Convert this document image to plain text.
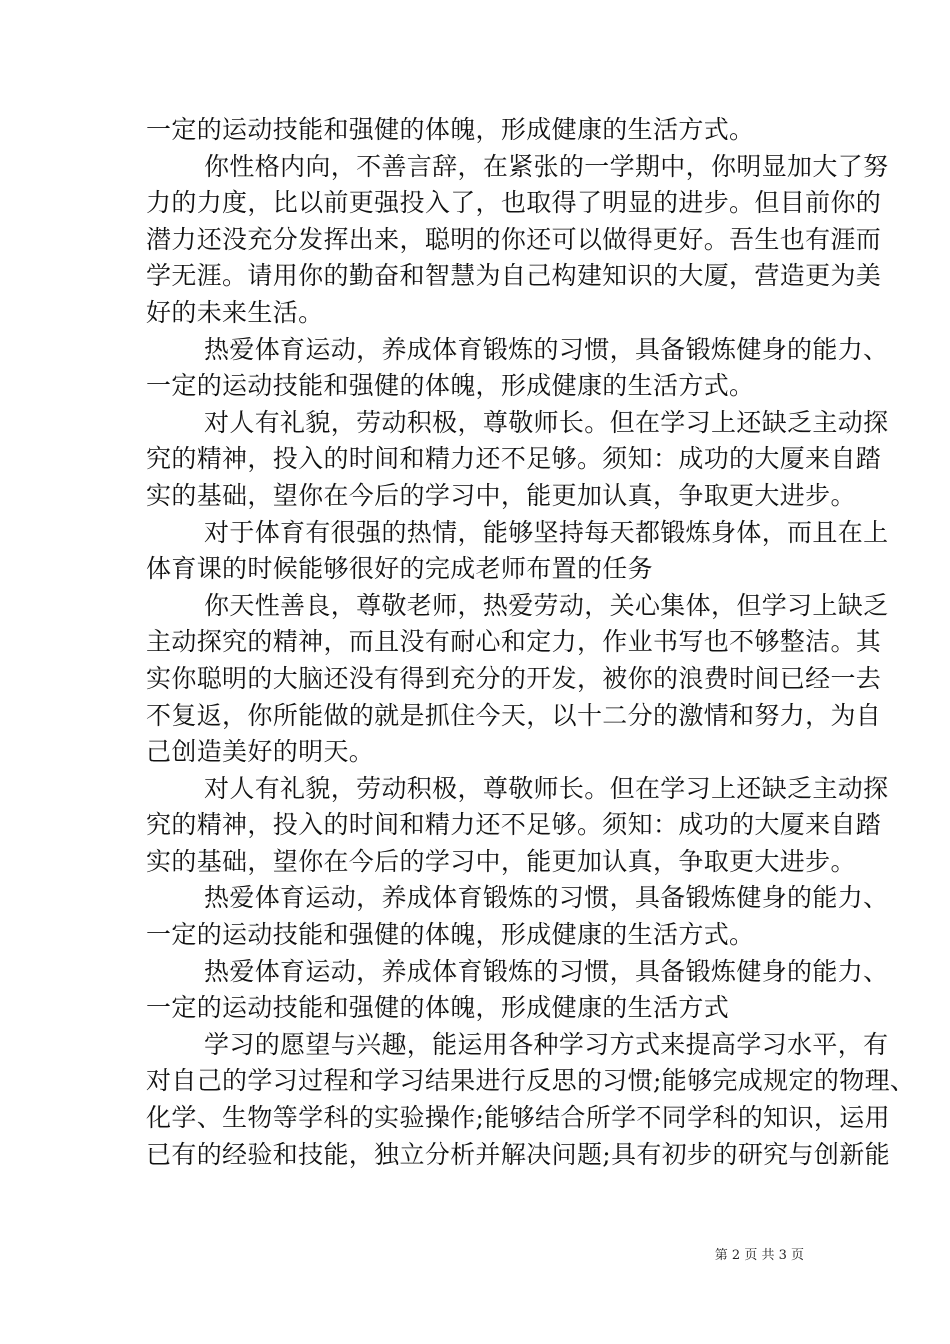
一定的运动技能和强健的体魄，形成健康的生活方式。

你性格内向，不善言辞，在紧张的一学期中，你明显加大了努
力的力度，比以前更强投入了，也取得了明显的进步。但目前你的
潜力还没充分发挥出来，聪明的你还可以做得更好。吾生也有涯而
学无涯。请用你的勤奋和智慧为自己构建知识的大厦，营造更为美
好的未来生活。

热爱体育运动，养成体育锻炼的习惯，具备锻炼健身的能力、
一定的运动技能和强健的体魄，形成健康的生活方式。

对人有礼貌，劳动积极，尊敬师长。但在学习上还缺乏主动探
究的精神，投入的时间和精力还不足够。须知：成功的大厦来自踏
实的基础，望你在今后的学习中，能更加认真，争取更大进步。

对于体育有很强的热情，能够坚持每天都锻炼身体，而且在上
体育课的时候能够很好的完成老师布置的任务

你天性善良，尊敬老师，热爱劳动，关心集体，但学习上缺乏
主动探究的精神，而且没有耐心和定力，作业书写也不够整洁。其
实你聪明的大脑还没有得到充分的开发，被你的浪费时间已经一去
不复返，你所能做的就是抓住今天，以十二分的激情和努力，为自
己创造美好的明天。

对人有礼貌，劳动积极，尊敬师长。但在学习上还缺乏主动探
究的精神，投入的时间和精力还不足够。须知：成功的大厦来自踏
实的基础，望你在今后的学习中，能更加认真，争取更大进步。

热爱体育运动，养成体育锻炼的习惯，具备锻炼健身的能力、
一定的运动技能和强健的体魄，形成健康的生活方式。

热爱体育运动，养成体育锻炼的习惯，具备锻炼健身的能力、
一定的运动技能和强健的体魄，形成健康的生活方式

学习的愿望与兴趣，能运用各种学习方式来提高学习水平，有
对自己的学习过程和学习结果进行反思的习惯;能够完成规定的物理、
化学、生物等学科的实验操作;能够结合所学不同学科的知识，运用
已有的经验和技能，独立分析并解决问题;具有初步的研究与创新能

第 2 页 共 3 页
